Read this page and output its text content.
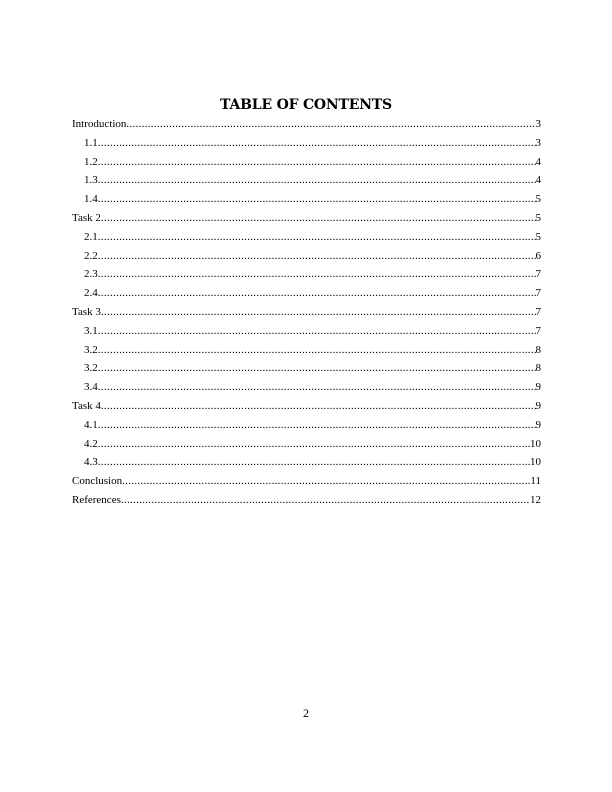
TABLE OF CONTENTS
Introduction .....	3
1.1 .....	3
1.2 .....	4
1.3 .....	4
1.4 .....	5
Task 2 .....	5
2.1 .....	5
2.2 .....	6
2.3 .....	7
2.4 .....	7
Task 3 .....	7
3.1 .....	7
3.2 .....	8
3.2 .....	8
3.4 .....	9
Task 4 .....	9
4.1 .....	9
4.2 .....	10
4.3 .....	10
Conclusion .....	11
References .....	12
2
